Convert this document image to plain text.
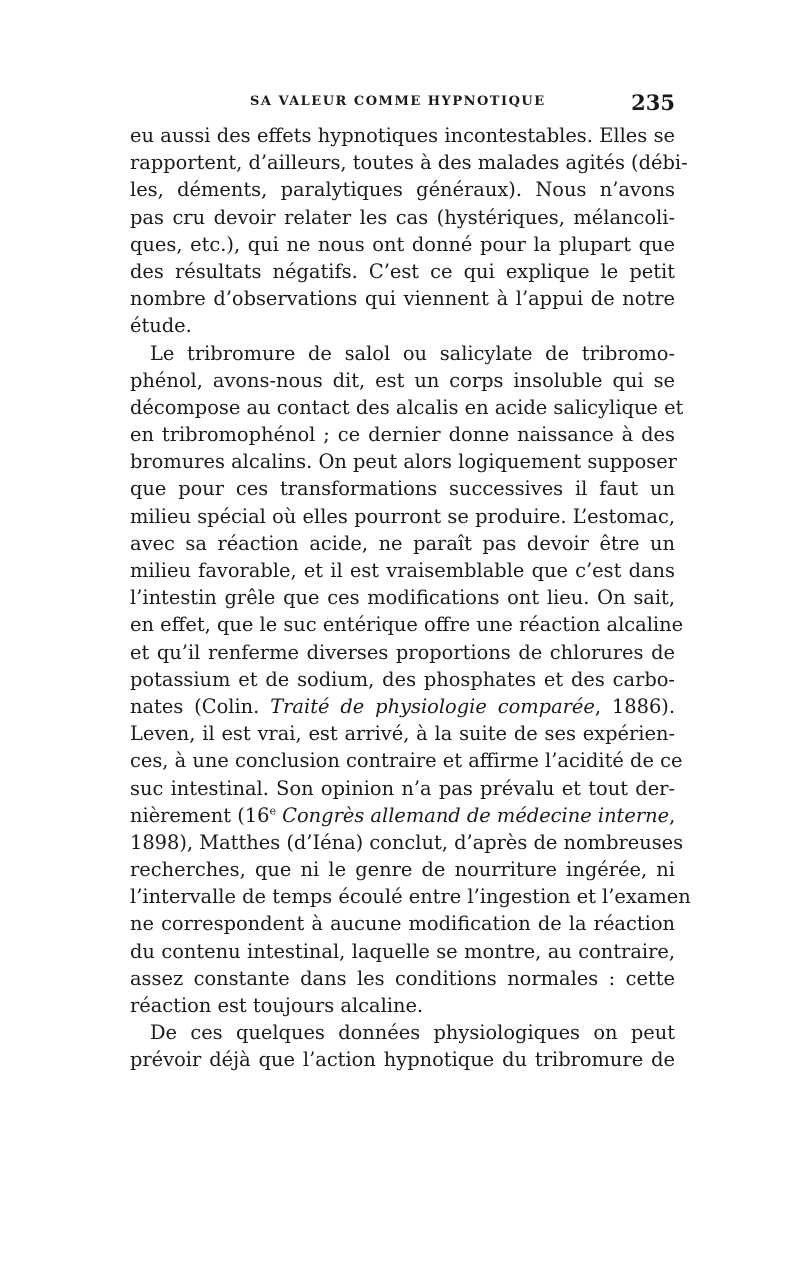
SA VALEUR COMME HYPNOTIQUE	235
eu aussi des effets hypnotiques incontestables. Elles se
rapportent, d’ailleurs, toutes à des malades agités (débi-
les, déments, paralytiques généraux). Nous n’avons
pas cru devoir relater les cas (hystériques, mélancoli-
ques, etc.), qui ne nous ont donné pour la plupart que
des résultats négatifs. C’est ce qui explique le petit
nombre d’observations qui viennent à l’appui de notre
étude.
Le tribromure de salol ou salicylate de tribromo-
phénol, avons-nous dit, est un corps insoluble qui se
décompose au contact des alcalis en acide salicylique et
en tribromophénol ; ce dernier donne naissance à des
bromures alcalins. On peut alors logiquement supposer
que pour ces transformations successives il faut un
milieu spécial où elles pourront se produire. L’estomac,
avec sa réaction acide, ne paraît pas devoir être un
milieu favorable, et il est vraisemblable que c’est dans
l’intestin grêle que ces modifications ont lieu. On sait,
en effet, que le suc entérique offre une réaction alcaline
et qu’il renferme diverses proportions de chlorures de
potassium et de sodium, des phosphates et des carbo-
nates (Colin. Traité de physiologie comparée, 1886).
Leven, il est vrai, est arrivé, à la suite de ses expérien-
ces, à une conclusion contraire et affirme l’acidité de ce
suc intestinal. Son opinion n’a pas prévalu et tout der-
nièrement (16e Congrès allemand de médecine interne,
1898), Matthes (d’Iéna) conclut, d’après de nombreuses
recherches, que ni le genre de nourriture ingérée, ni
l’intervalle de temps écoulé entre l’ingestion et l’examen
ne correspondent à aucune modification de la réaction
du contenu intestinal, laquelle se montre, au contraire,
assez constante dans les conditions normales : cette
réaction est toujours alcaline.
De ces quelques données physiologiques on peut
prévoir déjà que l’action hypnotique du tribromure de
